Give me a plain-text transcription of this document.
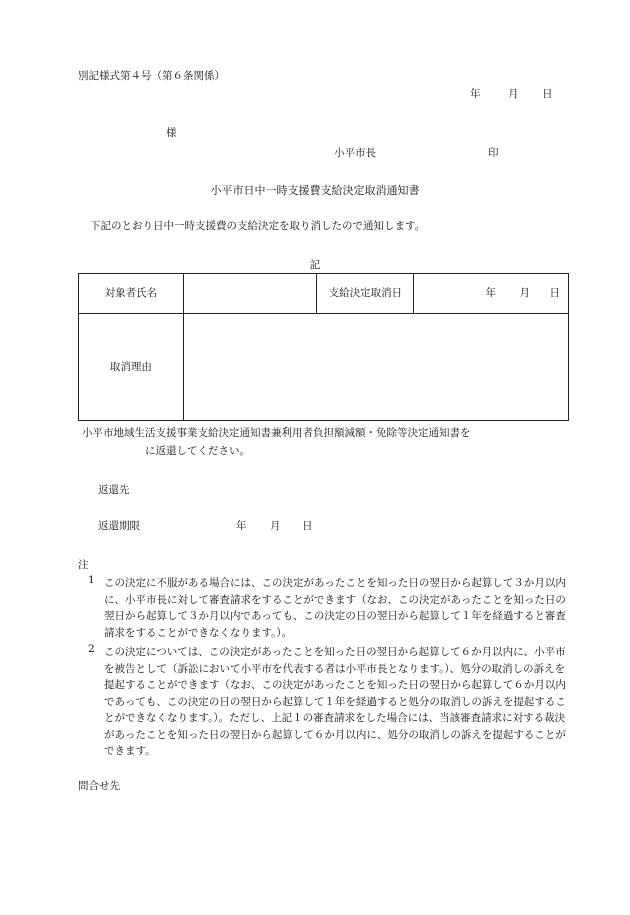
別記様式第４号（第６条関係）
年	月 日
様
小平市長	印
小平市日中一時支援費支給決定取消通知書
下記のとおり日中一時支援費の支給決定を取り消したので通知します。
記
対象者氏名		支給決定取消日	年 月 日
取消理由			
小平市地域生活支援事業支給決定通知書兼利用者負担額減額・免除等決定通知書を
に返還してください。
返還先
返還期限	年 月 日
注
1 この決定に不服がある場合には、この決定があったことを知った日の翌日から起算して３か月以内に、小平市長に対して審査請求をすることができます（なお、この決定があったことを知った日の翌日から起算して３か月以内であっても、この決定の日の翌日から起算して１年を経過すると審査請求をすることができなくなります。）。
2 この決定については、この決定があったことを知った日の翌日から起算して６か月以内に、小平市を被告として（訴訟において小平市を代表する者は小平市長となります。）、処分の取消しの訴えを提起することができます（なお、この決定があったことを知った日の翌日から起算して６か月以内であっても、この決定の日の翌日から起算して１年を経過すると処分の取消しの訴えを提起することができなくなります。）。ただし、上記１の審査請求をした場合には、当該審査請求に対する裁決があったことを知った日の翌日から起算して６か月以内に、処分の取消しの訴えを提起することができます。
問合せ先
